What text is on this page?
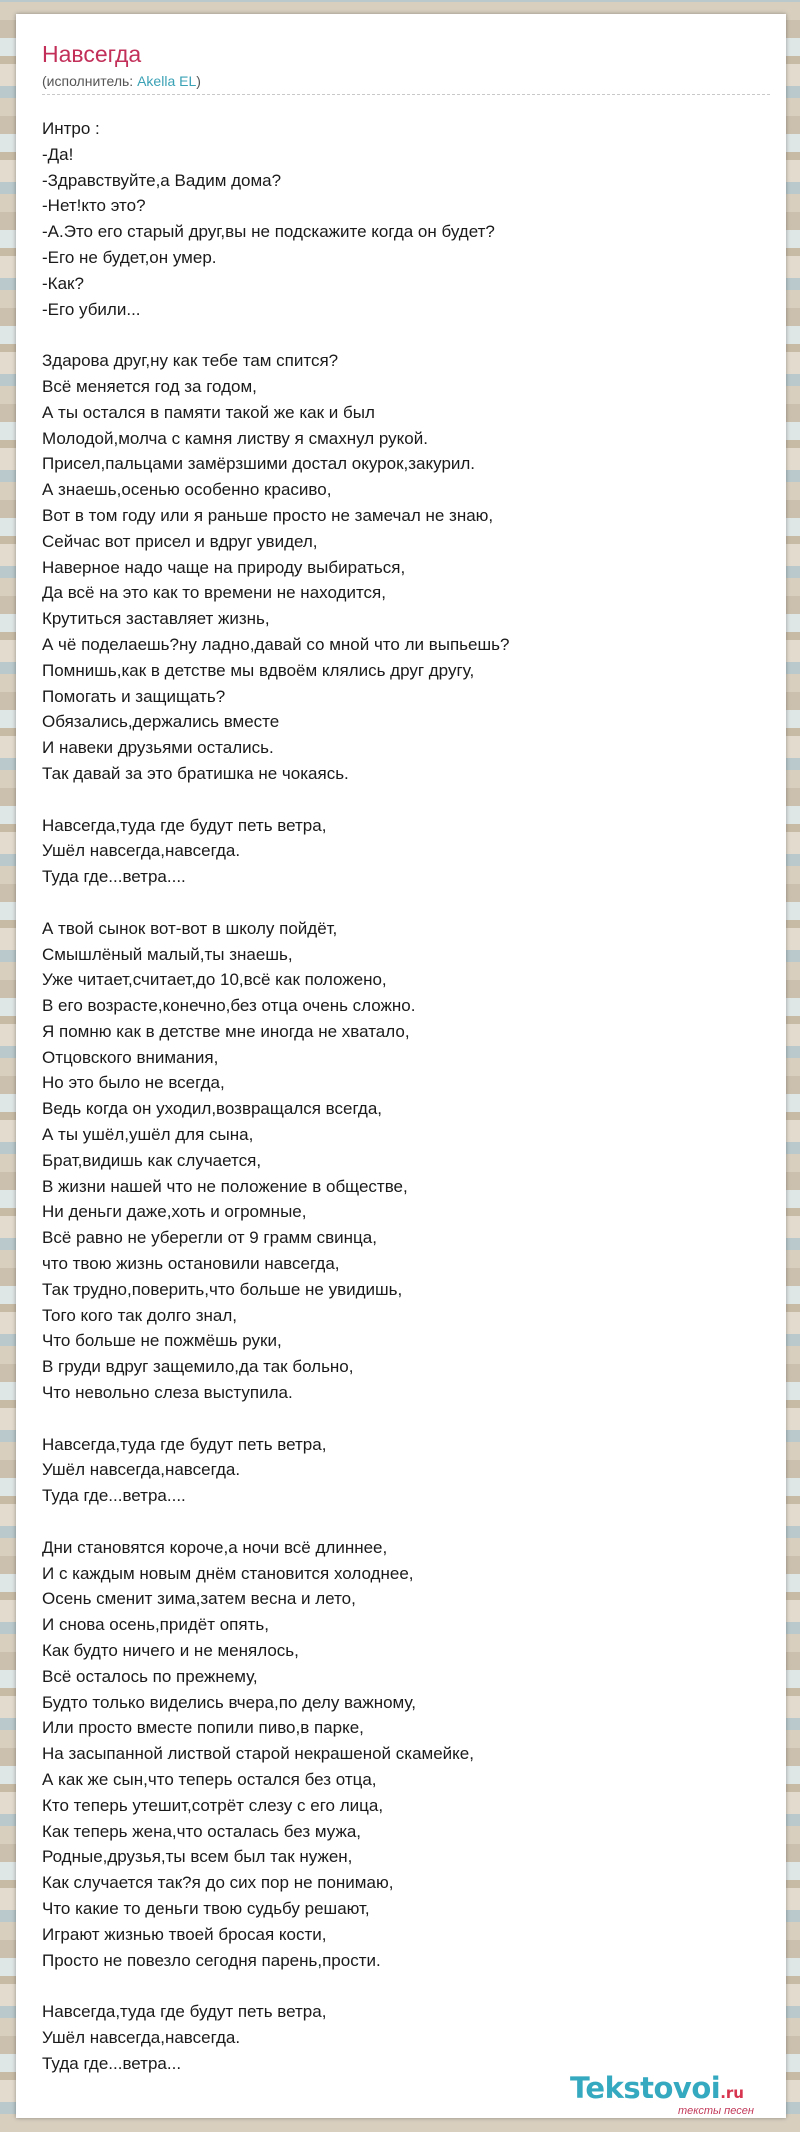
Навсегда
(исполнитель: Akella EL)
Интро :
-Да!
-Здравствуйте,а Вадим дома?
-Нет!кто это?
-А.Это его старый друг,вы не подскажите когда он будет?
-Его не будет,он умер.
-Как?
-Его убили...
Здарова друг,ну как тебе там спится?
Всё меняется год за годом,
А ты остался в памяти такой же как и был
Молодой,молча с камня листву я смахнул рукой.
Присел,пальцами замёрзшими достал окурок,закурил.
А знаешь,осенью особенно красиво,
Вот в том году или я раньше просто не замечал не знаю,
Сейчас вот присел и вдруг увидел,
Наверное надо чаще на природу выбираться,
Да всё на это как то времени не находится,
Крутиться заставляет жизнь,
А чё поделаешь?ну ладно,давай со мной что ли выпьешь?
Помнишь,как в детстве мы вдвоём клялись друг другу,
Помогать и защищать?
Обязались,держались вместе
И навеки друзьями остались.
Так давай за это братишка не чокаясь.
Навсегда,туда где будут петь ветра,
Ушёл навсегда,навсегда.
Туда где...ветра....
А твой сынок вот-вот в школу пойдёт,
Смышлёный малый,ты знаешь,
Уже читает,считает,до 10,всё как положено,
В его возрасте,конечно,без отца очень сложно.
Я помню как в детстве мне иногда не хватало,
Отцовского внимания,
Но это было не всегда,
Ведь когда он уходил,возвращался всегда,
А ты ушёл,ушёл для сына,
Брат,видишь как случается,
В жизни нашей что не положение в обществе,
Ни деньги даже,хоть и огромные,
Всё равно не уберегли от 9 грамм свинца,
что твою жизнь остановили навсегда,
Так трудно,поверить,что больше не увидишь,
Того кого так долго знал,
Что больше не пожмёшь руки,
В груди вдруг защемило,да так больно,
Что невольно слеза выступила.
Навсегда,туда где будут петь ветра,
Ушёл навсегда,навсегда.
Туда где...ветра....
Дни становятся короче,а ночи всё длиннее,
И с каждым новым днём становится холоднее,
Осень сменит зима,затем весна и лето,
И снова осень,придёт опять,
Как будто ничего и не менялось,
Всё осталось по прежнему,
Будто только виделись вчера,по делу важному,
Или просто вместе попили пиво,в парке,
На засыпанной листвой старой некрашеной скамейке,
А как же сын,что теперь остался без отца,
Кто теперь утешит,сотрёт слезу с его лица,
Как теперь жена,что осталась без мужа,
Родные,друзья,ты всем был так нужен,
Как случается так?я до сих пор не понимаю,
Что какие то деньги твою судьбу решают,
Играют жизнью твоей бросая кости,
Просто не повезло сегодня парень,прости.
Навсегда,туда где будут петь ветра,
Ушёл навсегда,навсегда.
Туда где...ветра...
Tekstovoi.ru
тексты песен
